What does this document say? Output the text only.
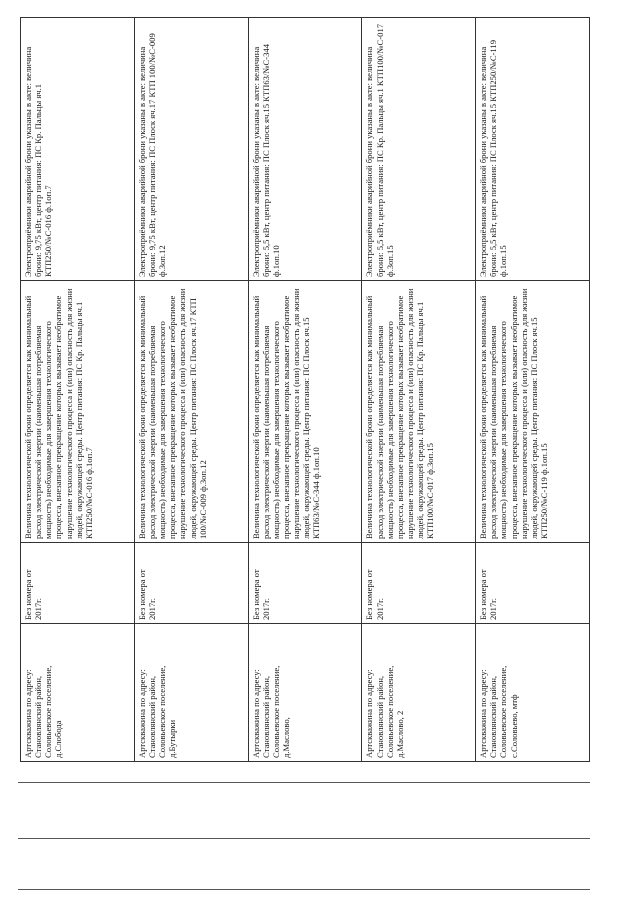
Артскважина по адресу: Становлянский район, Соловьевское поселение, д.Слобода	Без номера от 2017г.	Величина технологической брони определяется как минимальный расход электрической энергии (наименьшая потребляемая мощность) необходимые для завершения технологического процесса, внезапное прекращение которых вызывает необратимое нарушение технологического процесса и (или) опасность для жизни людей, окружающей среды. Центр питания: ПС Кр. Пальцы яч.1 КТП250/№С-016 ф.1оп.7	Электроприёмники аварийной брони указаны в акте: величина брони: 9,75 кВт, центр питания: ПС Кр. Пальцы яч.1 КТП250/№С-016 ф.1оп.7
Артскважина по адресу: Становлянский район, Соловьевское поселение, д.Бутырки	Без номера от 2017г.	Величина технологической брони определяется как минимальный расход электрической энергии (наименьшая потребляемая мощность) необходимые для завершения технологического процесса, внезапное прекращение которых вызывает необратимое нарушение технологического процесса и (или) опасность для жизни людей, окружающей среды. Центр питания: ПС Плоск яч.17 КТП 100/№С-009 ф.3оп.12	Электроприёмники аварийной брони указаны в акте: величина брони: 9,75 кВт, центр питания: ПС Плоск яч.17 КТП 100/№С-009 ф.3оп.12
Артскважина по адресу: Становлянский район, Соловьевское поселение, д.Маслово,	Без номера от 2017г.	Величина технологической брони определяется как минимальный расход электрической энергии (наименьшая потребляемая мощность) необходимые для завершения технологического процесса, внезапное прекращение которых вызывает необратимое нарушение технологического процесса и (или) опасность для жизни людей, окружающей среды. Центр питания: ПС Плоск яч.15 КТП63/№С-344 ф.1оп.10	Электроприёмники аварийной брони указаны в акте: величина брони: 5,5 кВт, центр питания: ПС Плоск яч.15 КТП63/№С-344 ф.1оп.10
Артскважина по адресу: Становлянский район, Соловьевское поселение, д.Маслово, 2	Без номера от 2017г.	Величина технологической брони определяется как минимальный расход электрической энергии (наименьшая потребляемая мощность) необходимые для завершения технологического процесса, внезапное прекращение которых вызывает необратимое нарушение технологического процесса и (или) опасность для жизни людей, окружающей среды. Центр питания: ПС Кр. Пальцы яч.1 КТП100/№С-017 ф.3оп.15	Электроприёмники аварийной брони указаны в акте: величина брони: 5,5 кВт, центр питания: ПС Кр. Пальцы яч.1 КТП100/№С-017 ф.3оп.15
Артскважина по адресу: Становлянский район, Соловьевское поселение, с.Соловьево, мтф	Без номера от 2017г.	Величина технологической брони определяется как минимальный расход электрической энергии (наименьшая потребляемая мощность) необходимые для завершения технологического процесса, внезапное прекращение которых вызывает необратимое нарушение технологического процесса и (или) опасность для жизни людей, окружающей среды. Центр питания: ПС Плоск яч.15 КТП250/№С-119 ф.1оп.15	Электроприёмники аварийной брони указаны в акте: величина брони: 5,5 кВт, центр питания: ПС Плоск яч.15 КТП250/№С-119 ф.1оп.15
